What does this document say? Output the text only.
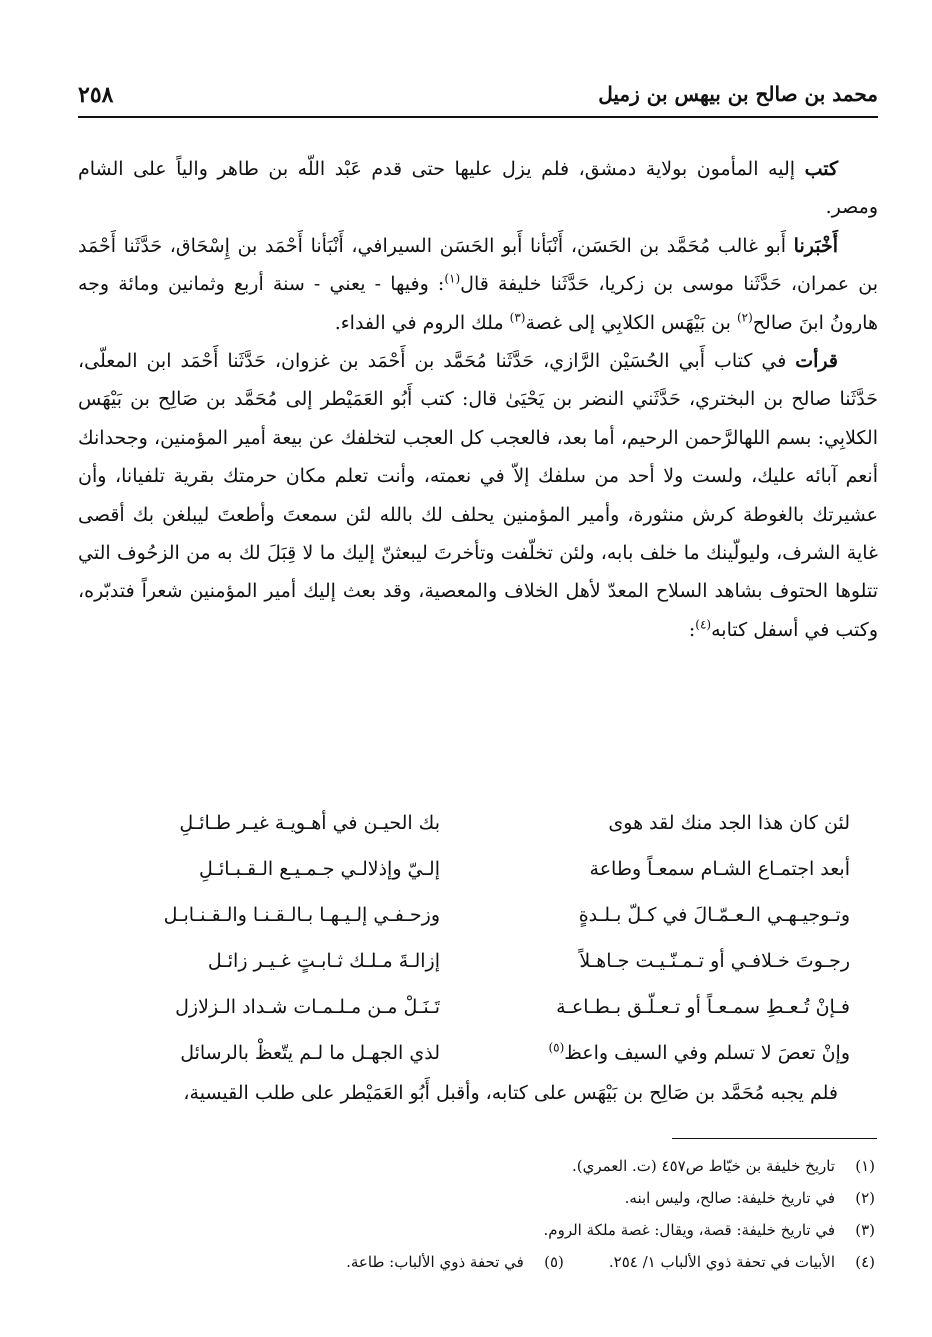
محمد بن صالح بن بيهس بن زميل
٢٥٨

كتب إليه المأمون بولاية دمشق، فلم يزل عليها حتى قدم عَبْد اللّه بن طاهر والياً على الشام ومصر.

أَخْبَرنا أَبو غالب مُحَمَّد بن الحَسَن، أَنْبَأنا أَبو الحَسَن السيرافي، أَنْبَأنا أَحْمَد بن إِسْحَاق، حَدَّثَنا أَحْمَد بن عمران، حَدَّثَنا موسى بن زكريا، حَدَّثَنا خليفة قال$^{(١)}$: وفيها - يعني - سنة أربع وثمانين ومائة وجه هارونُ ابنَ صالح$^{(٢)}$ بن بَيْهَس الكلابِي إلى غصة$^{(٣)}$ ملك الروم في الفداء.

قرأت في كتاب أَبي الحُسَيْن الرَّازي، حَدَّثَنا مُحَمَّد بن أَحْمَد بن غزوان، حَدَّثَنا أَحْمَد ابن المعلّى، حَدَّثَنا صالح بن البختري، حَدَّثَني النضر بن يَحْيَىٰ قال: كتب أَبُو العَمَيْطر إلى مُحَمَّد بن صَالِح بن بَيْهَس الكلابِي: بسم اللهالرَّحمن الرحيم، أما بعد، فالعجب كل العجب لتخلفك عن بيعة أمير المؤمنين، وجحدانك أنعم آبائه عليك، ولست ولا أحد من سلفك إلاّ في نعمته، وأنت تعلم مكان حرمتك بقرية تلفيانا، وأن عشيرتك بالغوطة كرش منثورة، وأمير المؤمنين يحلف لك بالله لئن سمعتَ وأطعتَ ليبلغن بك أقصى غاية الشرف، وليولّينك ما خلف بابه، ولئن تخلّفت وتأخرتَ ليبعثنّ إليك ما لا قِبَلَ لك به من الزحُوف التي تتلوها الحتوف بشاهد السلاح المعدّ لأهل الخلاف والمعصية، وقد بعث إليك أمير المؤمنين شعراً فتدبّره، وكتب في أسفل كتابه$^{(٤)}$:

لئن كان هذا الجد منك لقد هوى
بك الحيـن في أهـويـة غيـر طـائـلِ
أبعد اجتمـاع الشـام سمعـاً وطاعة
إلـيّ وإذلالـي جـمـيـع الـقـبـائـلِ
وتـوجيـهـي الـعـمّـالَ في كـلّ بـلـدةٍ
وزحـفـي إلـيـهـا بـالـقـنـا والـقـنـابـل
رجـوتَ خـلافـي أو تـمـنّـيـت جـاهـلاً
إزالـةَ مـلـك ثـابـتٍ غـيـر زائـل
فـإنْ تُـعـطِ سمـعـاً أو تـعـلّـق بـطـاعـة
تَـنَـلْ مـن مـلـمـات شـداد الـزلازل
وإنْ تعصَ لا تسلم وفي السيف واعظ$^{(٥)}$
لذي الجهـل ما لـم يتّعظْ بالرسائل
فلم يجبه مُحَمَّد بن صَالِح بن بَيْهَس على كتابه، وأقبل أَبُو العَمَيْطر على طلب القيسية،
(١)
تاريخ خليفة بن خيّاط ص٤٥٧ (ت. العمري).
(٢)
في تاريخ خليفة: صالح، وليس ابنه.
(٣)
في تاريخ خليفة: قصة، ويقال: غصة ملكة الروم.
(٤)
الأبيات في تحفة ذوي الألباب ١/ ٢٥٤.
(٥)
في تحفة ذوي الألباب: طاعة.
